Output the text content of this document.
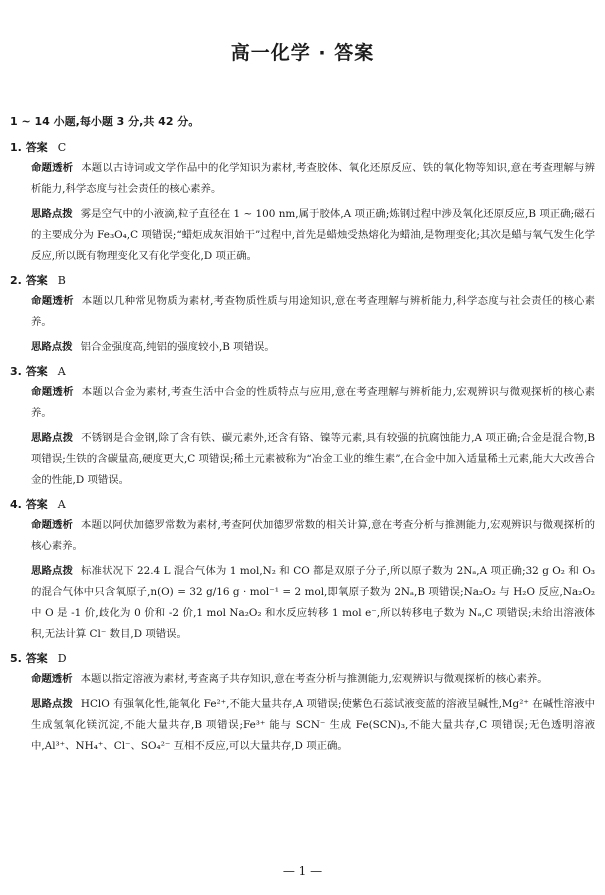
高一化学 · 答案
1 ~ 14 小题,每小题 3 分,共 42 分。
1. 答案 C
命题透析 本题以古诗词或文学作品中的化学知识为素材,考查胶体、氧化还原反应、铁的氧化物等知识,意在考查理解与辨析能力,科学态度与社会责任的核心素养。
思路点拨 雾是空气中的小液滴,粒子直径在 1 ~ 100 nm,属于胶体,A 项正确;炼钢过程中涉及氧化还原反应,B 项正确;磁石的主要成分为 Fe₃O₄,C 项错误;“蜡炬成灰泪始干”过程中,首先是蜡烛受热熔化为蜡油,是物理变化;其次是蜡与氧气发生化学反应,所以既有物理变化又有化学变化,D 项正确。
2. 答案 B
命题透析 本题以几种常见物质为素材,考查物质性质与用途知识,意在考查理解与辨析能力,科学态度与社会责任的核心素养。
思路点拨 铝合金强度高,纯铝的强度较小,B 项错误。
3. 答案 A
命题透析 本题以合金为素材,考查生活中合金的性质特点与应用,意在考查理解与辨析能力,宏观辨识与微观探析的核心素养。
思路点拨 不锈钢是合金钢,除了含有铁、碳元素外,还含有铬、镍等元素,具有较强的抗腐蚀能力,A 项正确;合金是混合物,B 项错误;生铁的含碳量高,硬度更大,C 项错误;稀土元素被称为“冶金工业的维生素”,在合金中加入适量稀土元素,能大大改善合金的性能,D 项错误。
4. 答案 A
命题透析 本题以阿伏加德罗常数为素材,考查阿伏加德罗常数的相关计算,意在考查分析与推测能力,宏观辨识与微观探析的核心素养。
思路点拨 标准状况下 22.4 L 混合气体为 1 mol,N₂ 和 CO 都是双原子分子,所以原子数为 2Nₐ,A 项正确;32 g O₂ 和 O₃ 的混合气体中只含氧原子,n(O) = 32 g/16 g · mol⁻¹ = 2 mol,即氧原子数为 2Nₐ,B 项错误;Na₂O₂ 与 H₂O 反应,Na₂O₂ 中 O 是 -1 价,歧化为 0 价和 -2 价,1 mol Na₂O₂ 和水反应转移 1 mol e⁻,所以转移电子数为 Nₐ,C 项错误;未给出溶液体积,无法计算 Cl⁻ 数目,D 项错误。
5. 答案 D
命题透析 本题以指定溶液为素材,考查离子共存知识,意在考查分析与推测能力,宏观辨识与微观探析的核心素养。
思路点拨 HClO 有强氧化性,能氧化 Fe²⁺,不能大量共存,A 项错误;使紫色石蕊试液变蓝的溶液呈碱性,Mg²⁺ 在碱性溶液中生成氢氧化镁沉淀,不能大量共存,B 项错误;Fe³⁺ 能与 SCN⁻ 生成 Fe(SCN)₃,不能大量共存,C 项错误;无色透明溶液中,Al³⁺、NH₄⁺、Cl⁻、SO₄²⁻ 互相不反应,可以大量共存,D 项正确。
— 1 —
